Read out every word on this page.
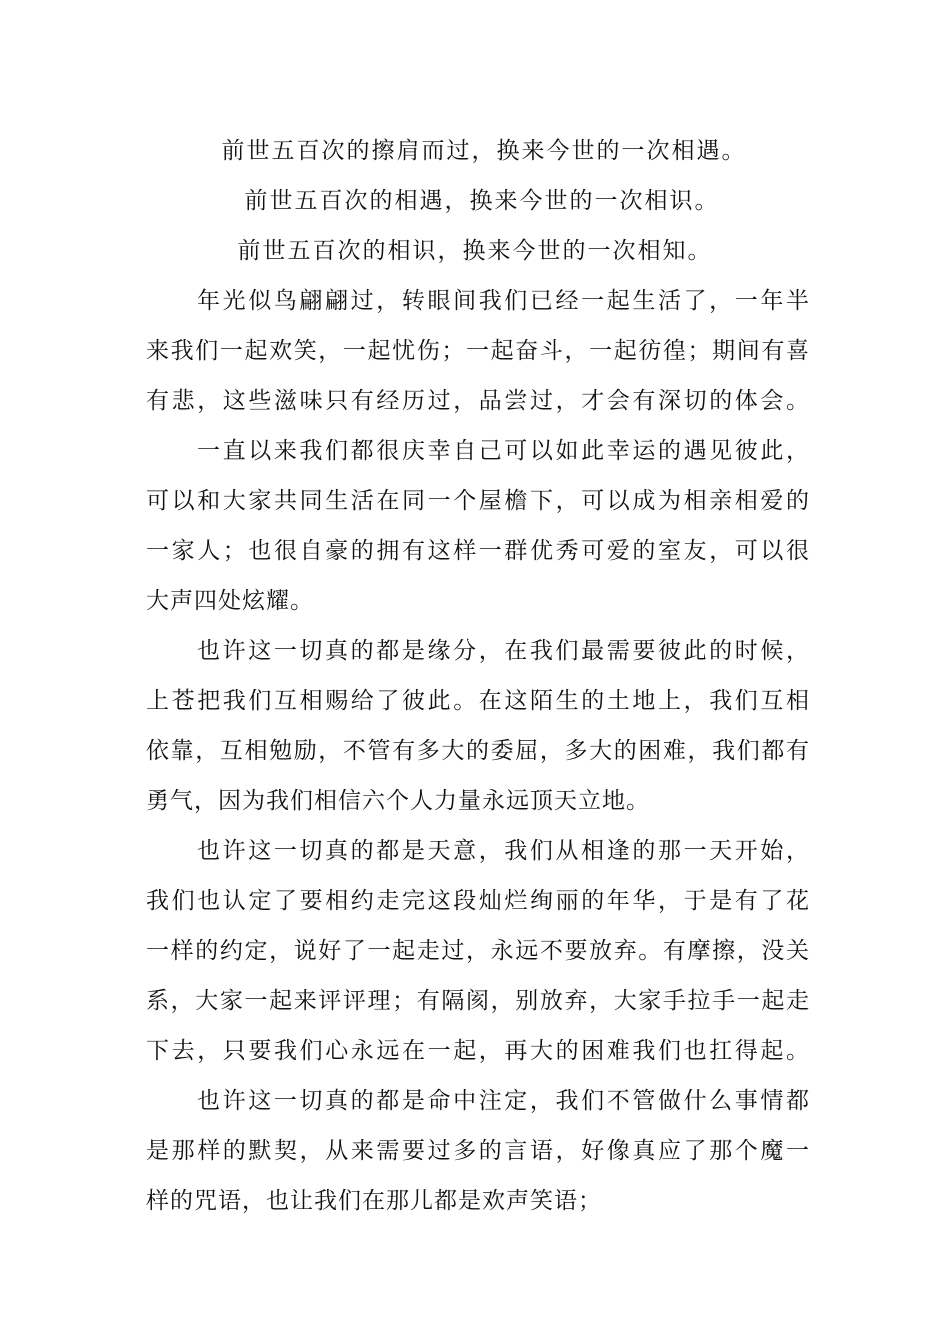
前世五百次的擦肩而过，换来今世的一次相遇。
前世五百次的相遇，换来今世的一次相识。
前世五百次的相识，换来今世的一次相知。
年光似鸟翩翩过，转眼间我们已经一起生活了，一年半
来我们一起欢笑，一起忧伤；一起奋斗，一起彷徨；期间有喜
有悲，这些滋味只有经历过，品尝过，才会有深切的体会。
一直以来我们都很庆幸自己可以如此幸运的遇见彼此，
可以和大家共同生活在同一个屋檐下，可以成为相亲相爱的
一家人；也很自豪的拥有这样一群优秀可爱的室友，可以很
大声四处炫耀。
也许这一切真的都是缘分，在我们最需要彼此的时候，
上苍把我们互相赐给了彼此。在这陌生的土地上，我们互相
依靠，互相勉励，不管有多大的委屈，多大的困难，我们都有
勇气，因为我们相信六个人力量永远顶天立地。
也许这一切真的都是天意，我们从相逢的那一天开始，
我们也认定了要相约走完这段灿烂绚丽的年华，于是有了花
一样的约定，说好了一起走过，永远不要放弃。有摩擦，没关
系，大家一起来评评理；有隔阂，别放弃，大家手拉手一起走
下去，只要我们心永远在一起，再大的困难我们也扛得起。
也许这一切真的都是命中注定，我们不管做什么事情都
是那样的默契，从来需要过多的言语，好像真应了那个魔一
样的咒语，也让我们在那儿都是欢声笑语；
